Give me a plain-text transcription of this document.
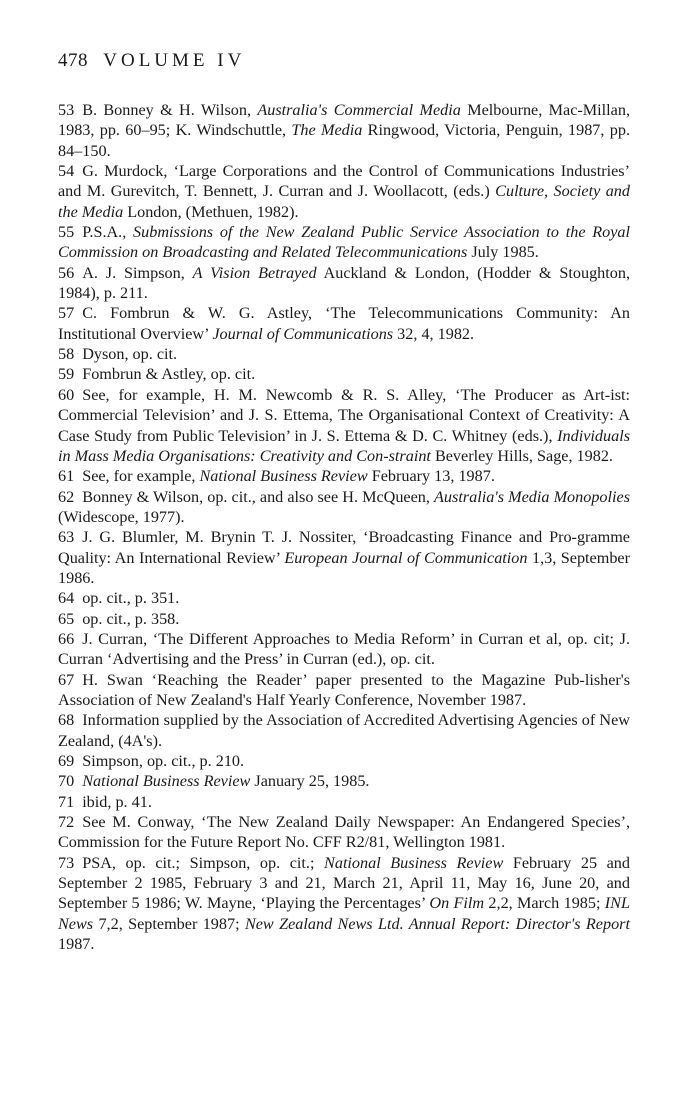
478 VOLUME IV

53 B. Bonney & H. Wilson, Australia's Commercial Media Melbourne, Mac-Millan, 1983, pp. 60–95; K. Windschuttle, The Media Ringwood, Victoria, Penguin, 1987, pp. 84–150.

54 G. Murdock, ‘Large Corporations and the Control of Communications Industries’ and M. Gurevitch, T. Bennett, J. Curran and J. Woollacott, (eds.) Culture, Society and the Media London, (Methuen, 1982).

55 P.S.A., Submissions of the New Zealand Public Service Association to the Royal Commission on Broadcasting and Related Telecommunications July 1985.

56 A. J. Simpson, A Vision Betrayed Auckland & London, (Hodder & Stoughton, 1984), p. 211.

57 C. Fombrun & W. G. Astley, ‘The Telecommunications Community: An Institutional Overview’ Journal of Communications 32, 4, 1982.

58 Dyson, op. cit.

59 Fombrun & Astley, op. cit.

60 See, for example, H. M. Newcomb & R. S. Alley, ‘The Producer as Art-ist: Commercial Television’ and J. S. Ettema, The Organisational Context of Creativity: A Case Study from Public Television’ in J. S. Ettema & D. C. Whitney (eds.), Individuals in Mass Media Organisations: Creativity and Con-straint Beverley Hills, Sage, 1982.

61 See, for example, National Business Review February 13, 1987.

62 Bonney & Wilson, op. cit., and also see H. McQueen, Australia's Media Monopolies (Widescope, 1977).

63 J. G. Blumler, M. Brynin T. J. Nossiter, ‘Broadcasting Finance and Pro-gramme Quality: An International Review’ European Journal of Communication 1,3, September 1986.

64 op. cit., p. 351.

65 op. cit., p. 358.

66 J. Curran, ‘The Different Approaches to Media Reform’ in Curran et al, op. cit; J. Curran ‘Advertising and the Press’ in Curran (ed.), op. cit.

67 H. Swan ‘Reaching the Reader’ paper presented to the Magazine Pub-lisher's Association of New Zealand's Half Yearly Conference, November 1987.

68 Information supplied by the Association of Accredited Advertising Agencies of New Zealand, (4A's).

69 Simpson, op. cit., p. 210.

70 National Business Review January 25, 1985.

71 ibid, p. 41.

72 See M. Conway, ‘The New Zealand Daily Newspaper: An Endangered Species’, Commission for the Future Report No. CFF R2/81, Wellington 1981.

73 PSA, op. cit.; Simpson, op. cit.; National Business Review February 25 and September 2 1985, February 3 and 21, March 21, April 11, May 16, June 20, and September 5 1986; W. Mayne, ‘Playing the Percentages’ On Film 2,2, March 1985; INL News 7,2, September 1987; New Zealand News Ltd. Annual Report: Director's Report 1987.
